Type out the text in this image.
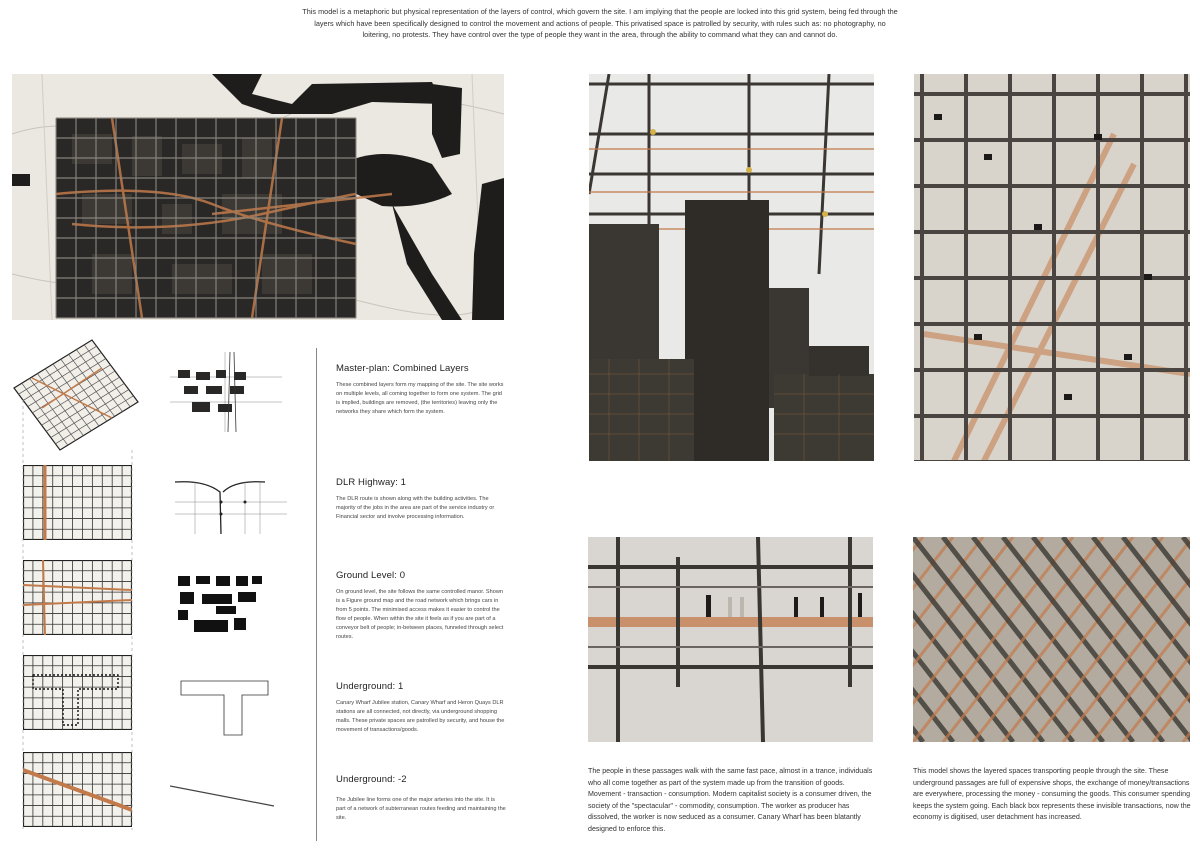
This model is a metaphoric but physical representation of the layers of control, which govern the site. I am implying that the people are locked into this grid system, being fed through the layers which have been specifically designed to control the movement and actions of people. This privatised space is patrolled by security, with rules such as: no photography, no loitering, no protests. They have control over the type of people they want in the area, through the ability to command what they can and cannot do.
Master-plan: Combined Layers
These combined layers form my mapping of the site. The site works on multiple levels, all coming together to form one system. The grid is implied, buildings are removed, (the territories) leaving only the networks they share which form the system.
DLR Highway: 1
The DLR route is shown along with the building activities. The majority of the jobs in the area are part of the service industry or Financial sector and involve processing information.
Ground Level: 0
On ground level, the site follows the same controlled manor. Shown is a Figure ground map and the road network which brings cars in from 5 points. The minimised access makes it easier to control the flow of people. When within the site it feels as if you are part of a conveyor belt of people; in-between places, funneled through select routes.
Underground: 1
Canary Wharf Jubilee station, Canary Wharf and Heron Quays DLR stations are all connected, not directly, via underground shopping malls. These private spaces are patrolled by security, and house the movement of transactions/goods.
Underground: -2
The Jubilee line forms one of the major arteries into the site. It is part of a network of subterranean routes feeding and maintaining the site.
The people in these passages walk with the same fast pace, almost in a trance, individuals who all come together as part of the system made up from the transition of goods. Movement - transaction - consumption. Modern capitalist society is a consumer driven, the society of the "spectacular" - commodity, consumption. The worker as producer has dissolved, the worker is now seduced as a consumer. Canary Wharf has been blatantly designed to enforce this.
This model shows the layered spaces transporting people through the site. These underground passages are full of expensive shops, the exchange of money/transactions are everywhere, processing the money - consuming the goods. This consumer spending keeps the system going. Each black box represents these invisible transactions, now the economy is digitised, user detachment has increased.
